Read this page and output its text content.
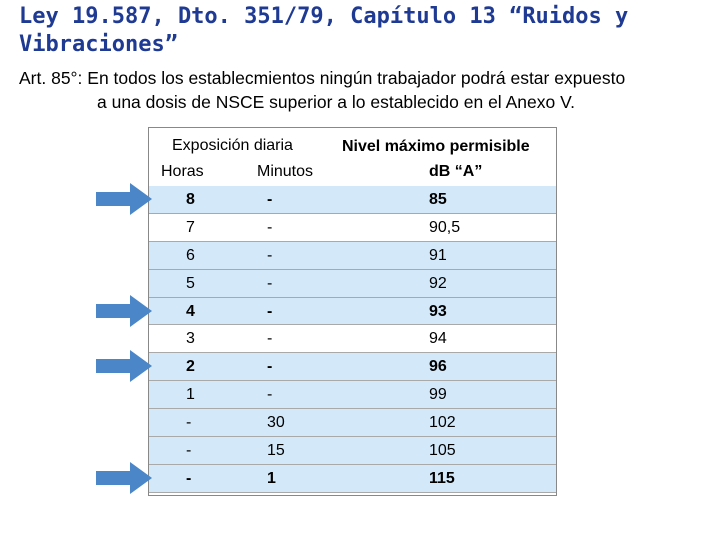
Ley 19.587, Dto. 351/79, Capítulo 13 “Ruidos y Vibraciones”

Art. 85°: En todos los establecmientos ningún trabajador podrá estar expuesto
a una dosis de NSCE superior a lo establecido en el Anexo V.

Exposición diaria	Nivel máximo permisible
Horas	Minutos	dB “A”
8	-	85
7	-	90,5
6	-	91
5	-	92
4	-	93
3	-	94
2	-	96
1	-	99
-	30	102
-	15	105
-	1	115
